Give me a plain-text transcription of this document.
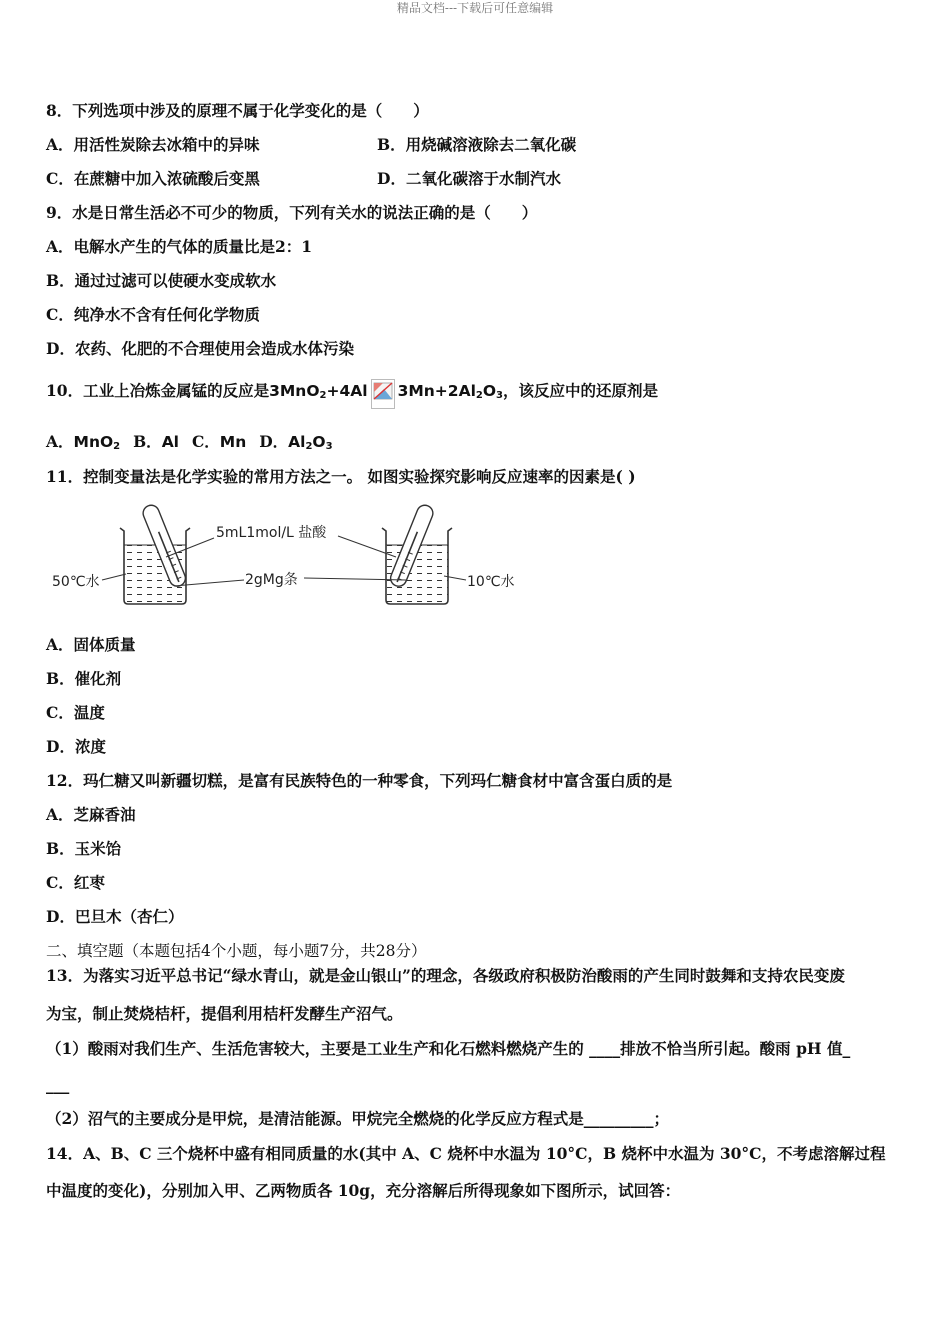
精品文档---下载后可任意编辑
8．下列选项中涉及的原理不属于化学变化的是（　　）
A．用活性炭除去冰箱中的异味	B．用烧碱溶液除去二氧化碳
C．在蔗糖中加入浓硫酸后变黑	D．二氧化碳溶于水制汽水
9．水是日常生活必不可少的物质，下列有关水的说法正确的是（　　）
A．电解水产生的气体的质量比是2：1
B．通过过滤可以使硬水变成软水
C．纯净水不含有任何化学物质
D．农药、化肥的不合理使用会造成水体污染
10．工业上冶炼金属锰的反应是3MnO$_2$+4Al $3Mn+2Al_2O_3$，该反应中的还原剂是
A．MnO$_2$ B．Al C．Mn D．$Al_2O_3$
11．控制变量法是化学实验的常用方法之一。 如图实验探究影响反应速率的因素是( )
5mL1mol/L 盐酸
2gMg条
50℃水	10℃水
A．固体质量
B．催化剂
C．温度
D．浓度
12．玛仁糖又叫新疆切糕，是富有民族特色的一种零食，下列玛仁糖食材中富含蛋白质的是
A．芝麻香油
B．玉米饴
C．红枣
D．巴旦木（杏仁）
二、填空题（本题包括4个小题，每小题7分，共28分）
13．为落实习近平总书记“绿水青山，就是金山银山”的理念，各级政府积极防治酸雨的产生同时鼓舞和支持农民变废
为宝，制止焚烧桔杆，提倡利用桔杆发酵生产沼气。
（1）酸雨对我们生产、生活危害较大，主要是工业生产和化石燃料燃烧产生的 ____排放不恰当所引起。酸雨 pH 值_
___
（2）沼气的主要成分是甲烷，是清洁能源。甲烷完全燃烧的化学反应方程式是_________；
14．A、B、C 三个烧杯中盛有相同质量的水(其中 A、C 烧杯中水温为 10°C，B 烧杯中水温为 30°C，不考虑溶解过程
中温度的变化)，分别加入甲、乙两物质各 10g，充分溶解后所得现象如下图所示，试回答：
